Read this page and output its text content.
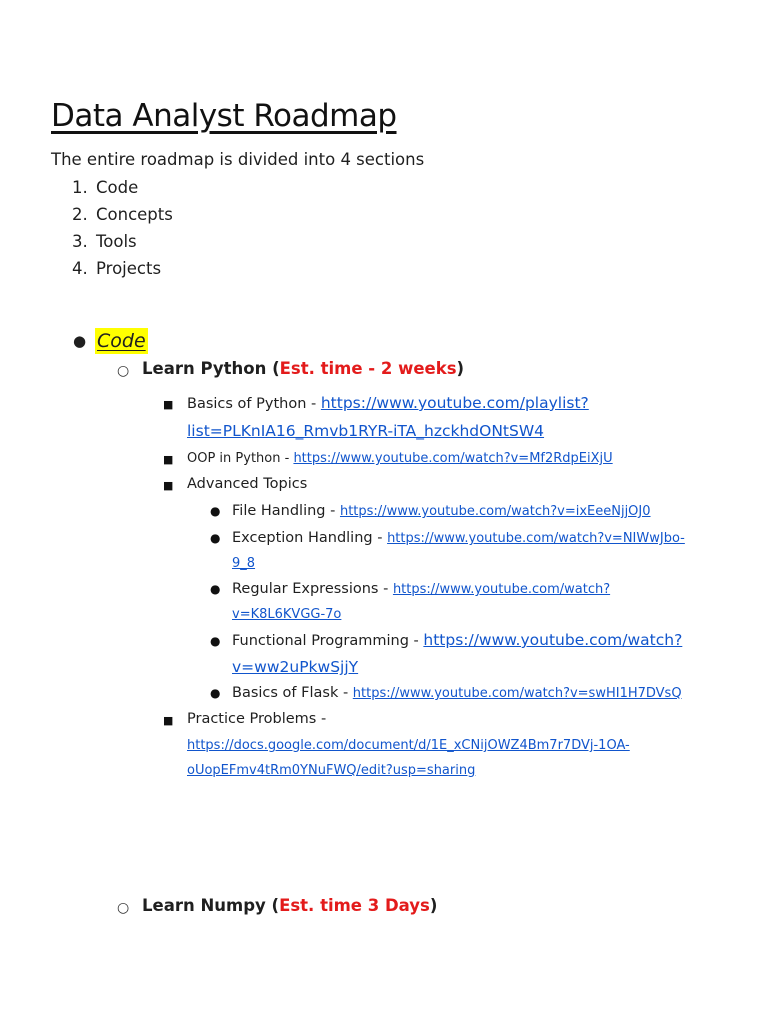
Data Analyst Roadmap
The entire roadmap is divided into 4 sections
1. Code
2. Concepts
3. Tools
4. Projects
● Code
○ Learn Python (Est. time - 2 weeks)
■ Basics of Python - https://www.youtube.com/playlist?
list=PLKnIA16_Rmvb1RYR-iTA_hzckhdONtSW4
■ OOP in Python - https://www.youtube.com/watch?v=Mf2RdpEiXjU
■ Advanced Topics
● File Handling - https://www.youtube.com/watch?v=ixEeeNjjOJ0
● Exception Handling - https://www.youtube.com/watch?v=NIWwJbo-
9_8
● Regular Expressions - https://www.youtube.com/watch?
v=K8L6KVGG-7o
● Functional Programming - https://www.youtube.com/watch?
v=ww2uPkwSjjY
● Basics of Flask - https://www.youtube.com/watch?v=swHI1H7DVsQ
■ Practice Problems -
https://docs.google.com/document/d/1E_xCNijOWZ4Bm7r7DVj-1OA-
oUopEFmv4tRm0YNuFWQ/edit?usp=sharing
○ Learn Numpy (Est. time 3 Days)
